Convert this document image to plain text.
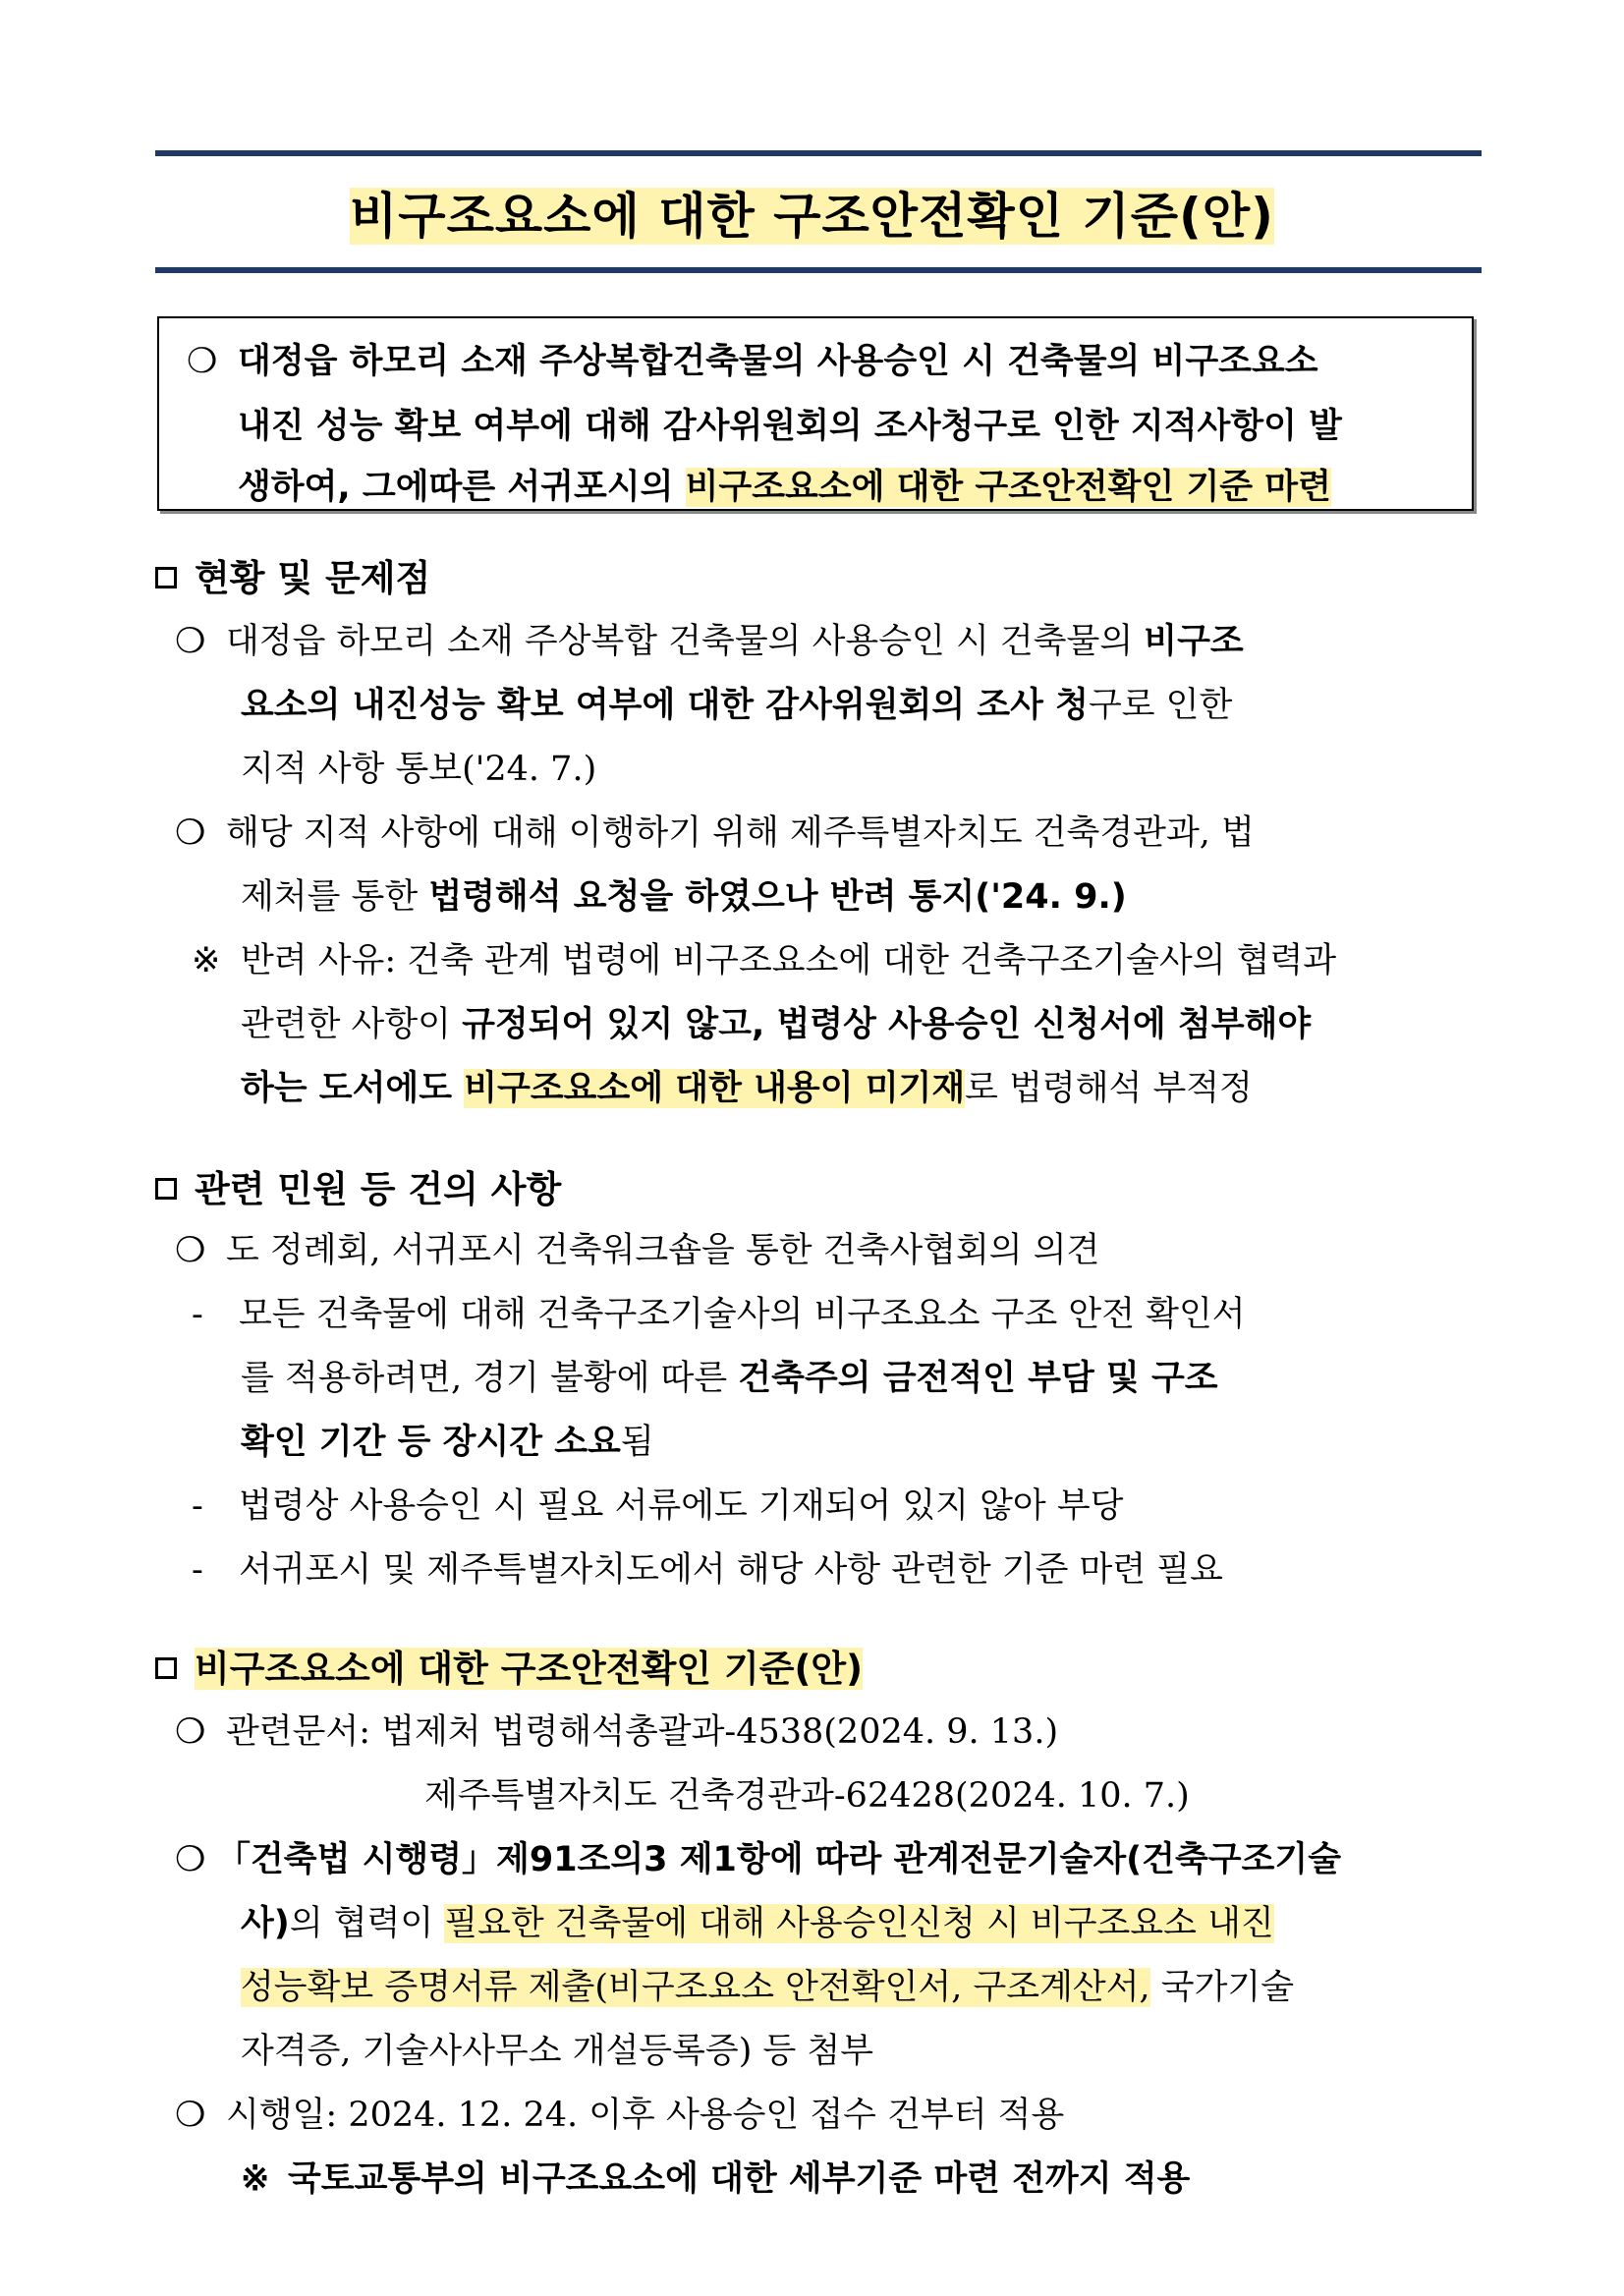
비구조요소에 대한 구조안전확인 기준(안)
❍ 대정읍 하모리 소재 주상복합건축물의 사용승인 시 건축물의 비구조요소
내진 성능 확보 여부에 대해 감사위원회의 조사청구로 인한 지적사항이 발
생하여, 그에따른 서귀포시의 비구조요소에 대한 구조안전확인 기준 마련
현황 및 문제점
❍ 대정읍 하모리 소재 주상복합 건축물의 사용승인 시 건축물의 비구조
요소의 내진성능 확보 여부에 대한 감사위원회의 조사 청구로 인한
지적 사항 통보('24. 7.)
❍ 해당 지적 사항에 대해 이행하기 위해 제주특별자치도 건축경관과, 법
제처를 통한 법령해석 요청을 하였으나 반려 통지('24. 9.)
※ 반려 사유: 건축 관계 법령에 비구조요소에 대한 건축구조기술사의 협력과
관련한 사항이 규정되어 있지 않고, 법령상 사용승인 신청서에 첨부해야
하는 도서에도 비구조요소에 대한 내용이 미기재로 법령해석 부적정
관련 민원 등 건의 사항
❍ 도 정례회, 서귀포시 건축워크숍을 통한 건축사협회의 의견
- 모든 건축물에 대해 건축구조기술사의 비구조요소 구조 안전 확인서
를 적용하려면, 경기 불황에 따른 건축주의 금전적인 부담 및 구조
확인 기간 등 장시간 소요됨
- 법령상 사용승인 시 필요 서류에도 기재되어 있지 않아 부당
- 서귀포시 및 제주특별자치도에서 해당 사항 관련한 기준 마련 필요
비구조요소에 대한 구조안전확인 기준(안)
❍ 관련문서: 법제처 법령해석총괄과-4538(2024. 9. 13.)
제주특별자치도 건축경관과-62428(2024. 10. 7.)
❍ 「건축법 시행령」제91조의3 제1항에 따라 관계전문기술자(건축구조기술
사)의 협력이 필요한 건축물에 대해 사용승인신청 시 비구조요소 내진
성능확보 증명서류 제출(비구조요소 안전확인서, 구조계산서, 국가기술
자격증, 기술사사무소 개설등록증) 등 첨부
❍ 시행일: 2024. 12. 24. 이후 사용승인 접수 건부터 적용
※ 국토교통부의 비구조요소에 대한 세부기준 마련 전까지 적용
